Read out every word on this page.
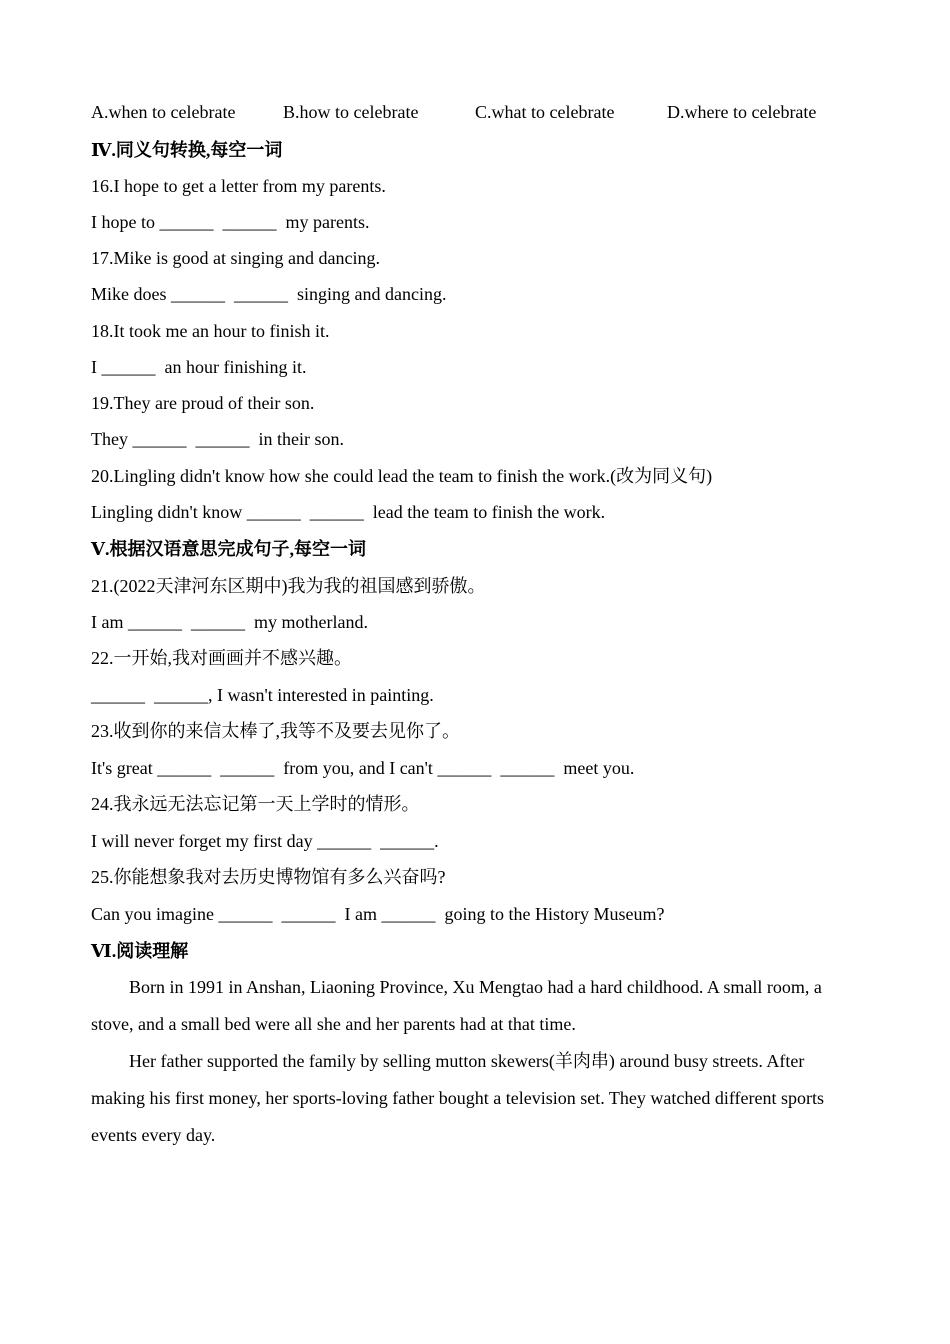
A.when to celebrate	B.how to celebrate	C.what to celebrate	D.where to celebrate
Ⅳ.同义句转换,每空一词
16.I hope to get a letter from my parents.
I hope to ______  ______  my parents.
17.Mike is good at singing and dancing.
Mike does ______  ______  singing and dancing.
18.It took me an hour to finish it.
I ______  an hour finishing it.
19.They are proud of their son.
They ______  ______  in their son.
20.Lingling didn't know how she could lead the team to finish the work.(改为同义句)
Lingling didn't know ______  ______  lead the team to finish the work.
Ⅴ.根据汉语意思完成句子,每空一词
21.(2022天津河东区期中)我为我的祖国感到骄傲。
I am ______  ______  my motherland.
22.一开始,我对画画并不感兴趣。
______  ______, I wasn't interested in painting.
23.收到你的来信太棒了,我等不及要去见你了。
It's great ______  ______  from you, and I can't ______  ______  meet you.
24.我永远无法忘记第一天上学时的情形。
I will never forget my first day ______  ______.
25.你能想象我对去历史博物馆有多么兴奋吗?
Can you imagine ______  ______  I am ______  going to the History Museum?
Ⅵ.阅读理解
Born in 1991 in Anshan, Liaoning Province, Xu Mengtao had a hard childhood. A small room, a stove, and a small bed were all she and her parents had at that time.
Her father supported the family by selling mutton skewers(羊肉串) around busy streets. After making his first money, her sports-loving father bought a television set. They watched different sports events every day.
